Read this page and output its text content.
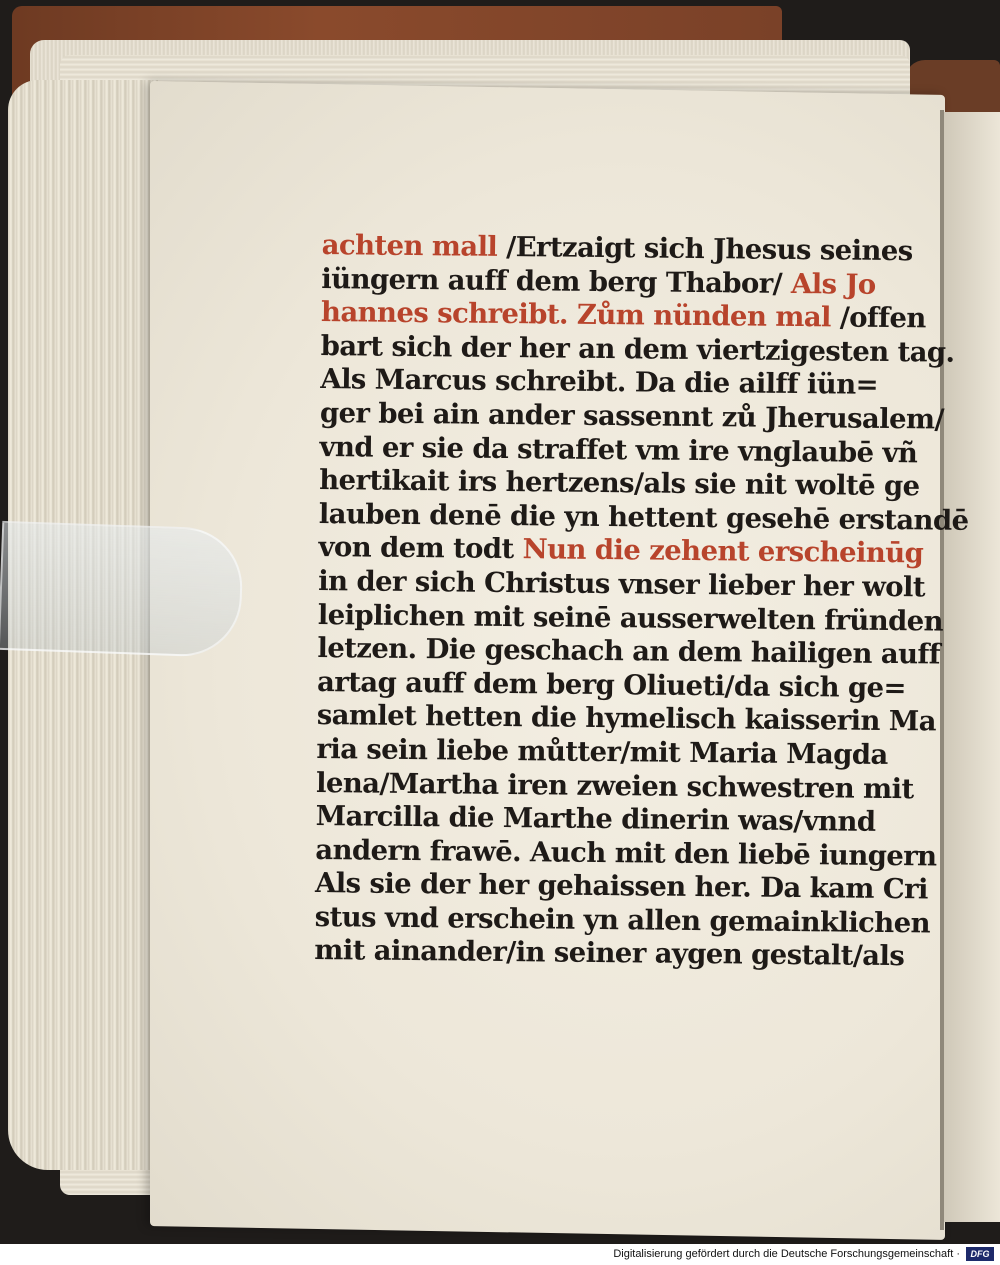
achten mall /Ertzaigt sich Jhesus seines
iüngern auff dem berg Thabor/ Als Jo
hannes schreibt. Zům nünden mal /offen
bart sich der her an dem viertzigesten tag.
Als Marcus schreibt. Da die ailff iün=
ger bei ain ander sassennt zů Jherusalem/
vnd er sie da straffet vm ire vnglaubē vñ
hertikait irs hertzens/als sie nit woltē ge
lauben denē die yn hettent gesehē erstandē
von dem todt Nun die zehent erscheinūg
in der sich Christus vnser lieber her wolt
leiplichen mit seinē ausserwelten fründen
letzen. Die geschach an dem hailigen auff
artag auff dem berg Oliueti/da sich ge=
samlet hetten die hymelisch kaisserin Ma
ria sein liebe můtter/mit Maria Magda
lena/Martha iren zweien schwestren mit
Marcilla die Marthe dinerin was/vnnd
andern frawē. Auch mit den liebē iungern
Als sie der her gehaissen her. Da kam Cri
stus vnd erschein yn allen gemainklichen
mit ainander/in seiner aygen gestalt/als
Digitalisierung gefördert durch die Deutsche Forschungsgemeinschaft ·	DFG
